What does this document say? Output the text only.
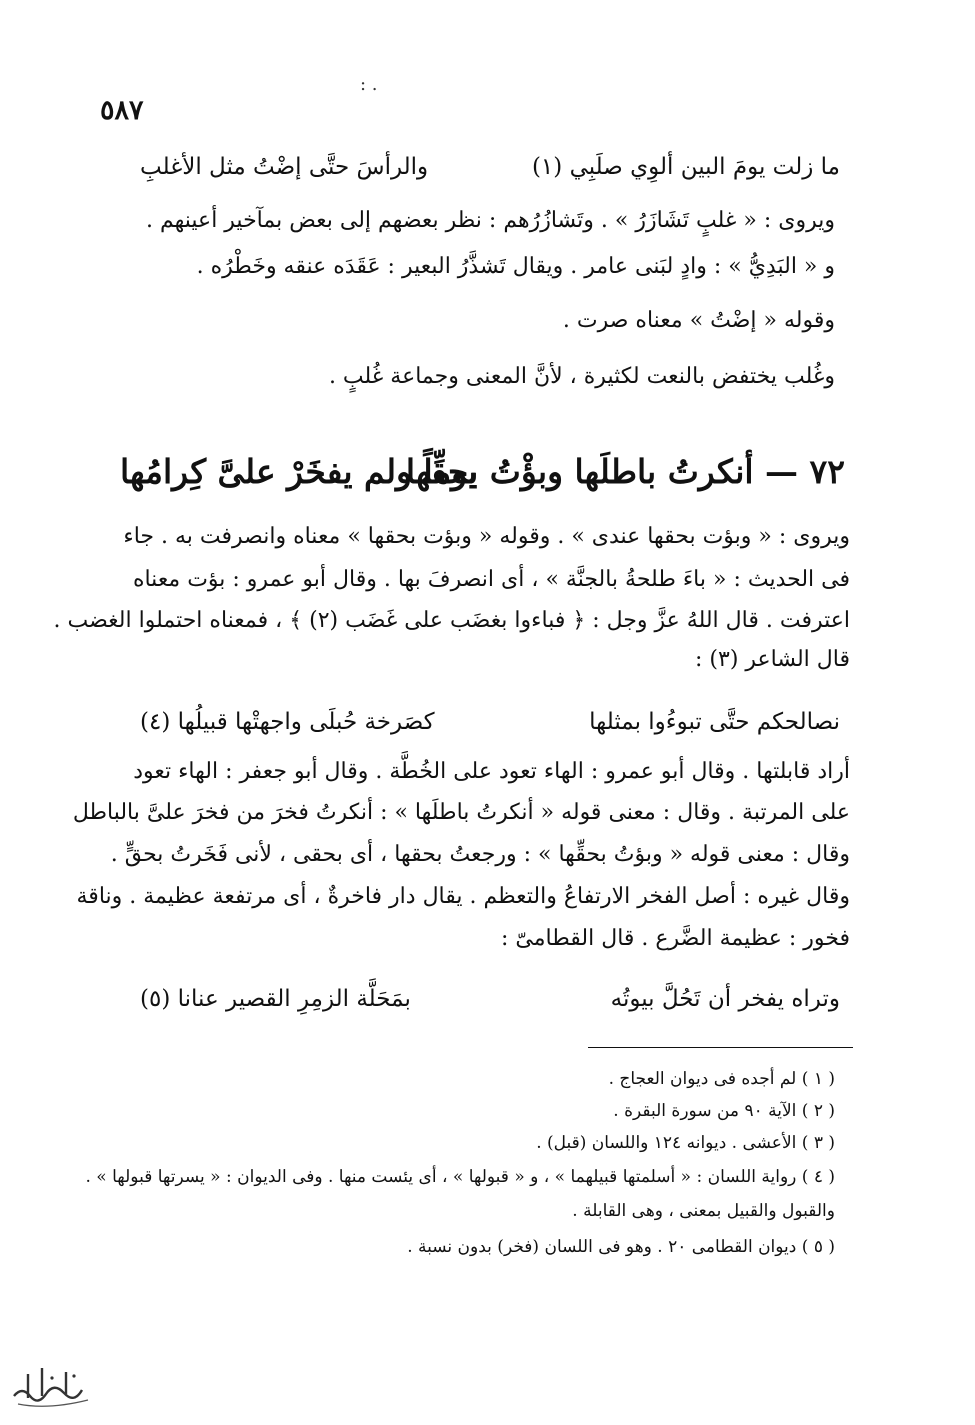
: .
٥٨٧
ما زلت يومَ البين ألوِي صلَبِي (١)
والرأسَ حتَّى إضْتُ مثل الأغلبِ
ويروى : « غلبٍ تَشَازَرُ » . وتَشازُرُهم : نظر بعضهم إلى بعض بمآخير أعينهم .
و « البَدِيُّ » : وادٍ لبَنى عامر . ويقال تَشذَّرُ البعير : عَقَدَه عنقه وخَطْرُه .
وقوله « إضْتُ » معناه صرت .
وغُلب يختفض بالنعت لكثيرة ، لأنَّ المعنى وجماعة غُلبٍ .
٧٢ — أنكرتُ باطلَها وبؤْتُ بحقِّها
يوماً ولم يفخَرْ علىَّ كِرامُها
ويروى : « وبؤت بحقها عندى » . وقوله « وبؤت بحقها » معناه وانصرفت به . جاء
فى الحديث : « باءَ طلحةُ بالجنَّة » ، أى انصرفَ بها . وقال أبو عمرو : بؤت معناه
اعترفت . قال اللهُ عزَّ وجل : ﴿ فباءوا بغضَب على غَضَب (٢) ﴾ ، فمعناه احتملوا الغضب .
قال الشاعر (٣) :
نصالحكم حتَّى تبوءُوا بمثلها
كصَرخة حُبلَى واجهتْها قبيلُها (٤)
أراد قابلتها . وقال أبو عمرو : الهاء تعود على الخُطَّة . وقال أبو جعفر : الهاء تعود
على المرتبة . وقال : معنى قوله « أنكرتُ باطلَها » : أنكرتُ فخرَ من فخرَ علىَّ بالباطل
وقال : معنى قوله « وبؤتُ بحقِّها » : ورجعتُ بحقها ، أى بحقى ، لأنى فَخَرتُ بحقٍّ .
وقال غيره : أصل الفخر الارتفاعُ والتعظم . يقال دار فاخرةٌ ، أى مرتفعة عظيمة . وناقة
فخور : عظيمة الضَّرع . قال القطامىّ :
وتراه يفخر أن تَحُلَّ بيوتُه
بمَحَلَّة الزمِرِ القصير عنانا (٥)
( ١ ) لم أجده فى ديوان العجاج .
( ٢ ) الآية ٩٠ من سورة البقرة .
( ٣ ) الأعشى . ديوانه ١٢٤ واللسان (قبل) .
( ٤ ) رواية اللسان : « أسلمتها قبيلهما » ، و « قبولها » ، أى يئست منها . وفى الديوان : « يسرتها قبولها » .
والقبول والقبيل بمعنى ، وهى القابلة .
( ٥ ) ديوان القطامى ٢٠ . وهو فى اللسان (فخر) بدون نسبة .
